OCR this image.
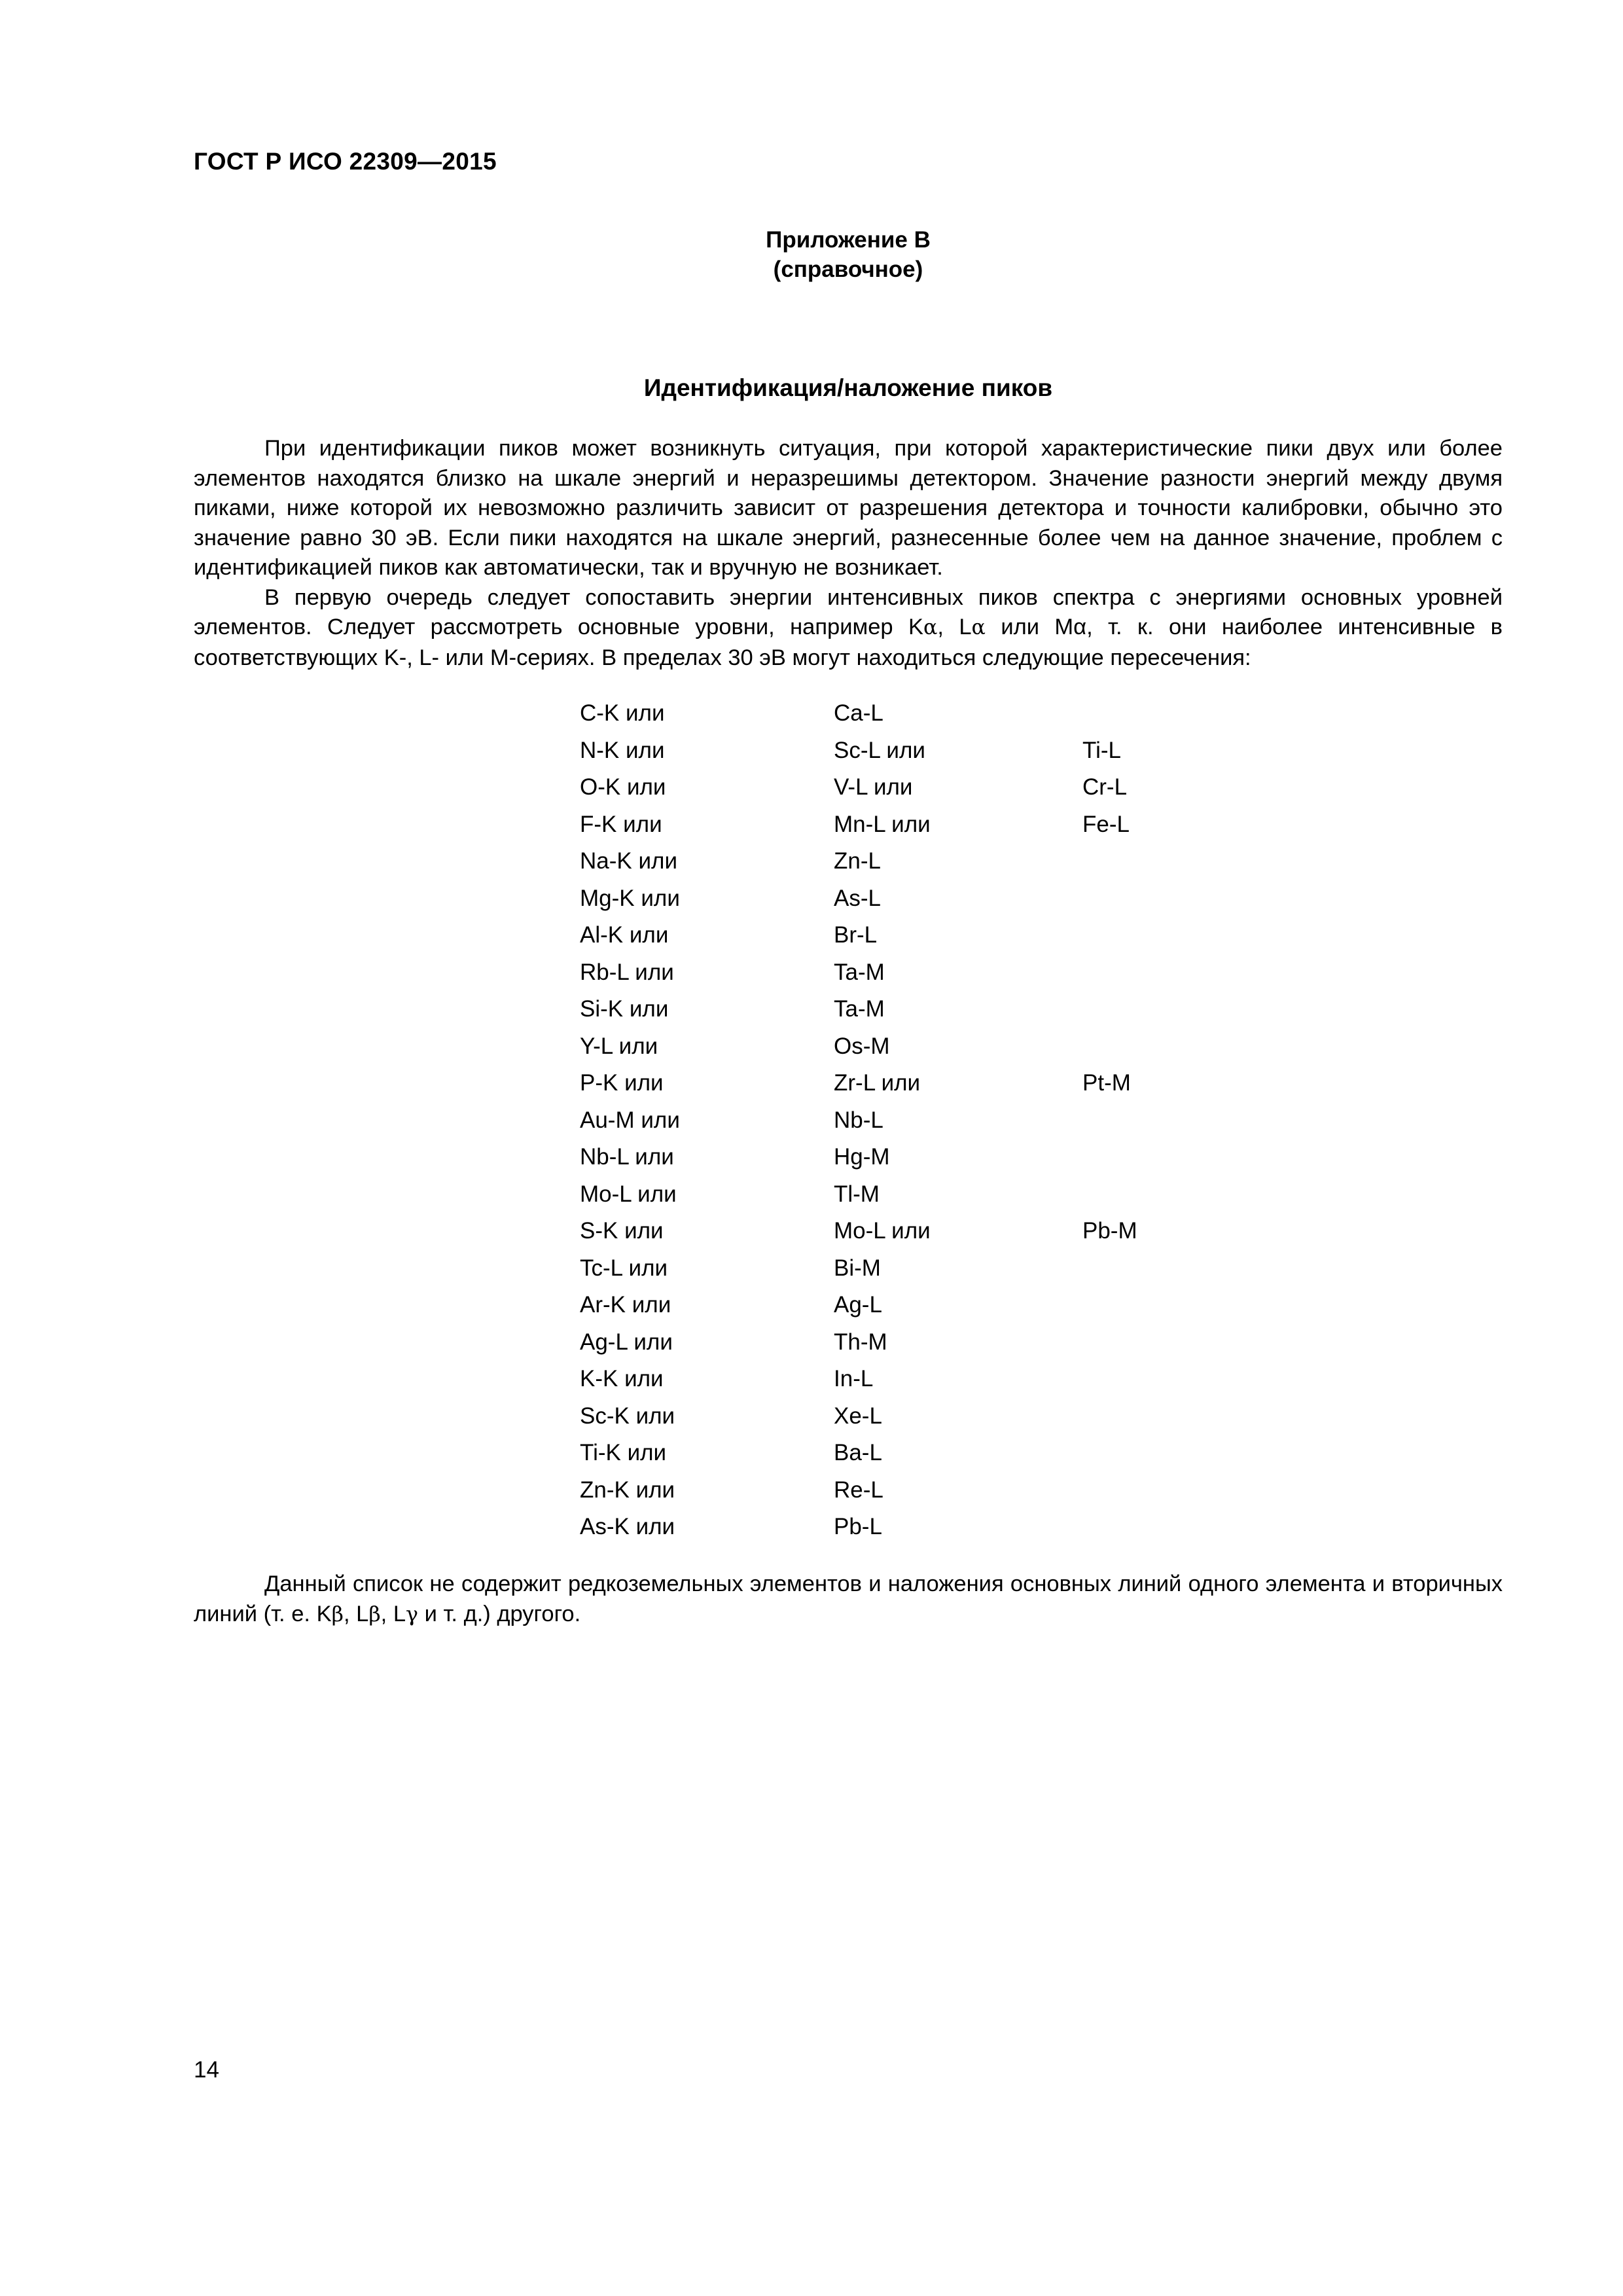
ГОСТ Р ИСО 22309—2015
Приложение В
(справочное)
Идентификация/наложение пиков

При идентификации пиков может возникнуть ситуация, при которой характеристические пики двух или более элементов находятся близко на шкале энергий и неразрешимы детектором. Значение разности энергий между двумя пиками, ниже которой их невозможно различить зависит от разрешения детектора и точности калибровки, обычно это значение равно 30 эВ. Если пики находятся на шкале энергий, разнесенные более чем на данное значение, проблем с идентификацией пиков как автоматически, так и вручную не возникает.

В первую очередь следует сопоставить энергии интенсивных пиков спектра с энергиями основных уровней элементов. Следует рассмотреть основные уровни, например Kα, Lα или Mα, т. к. они наиболее интенсивные в соответствующих K-, L- или M-сериях. В пределах 30 эВ могут находиться следующие пересечения:

C-K или	Ca-L	
N-K или	Sc-L или	Ti-L
O-K или	V-L или	Cr-L
F-K или	Mn-L или	Fe-L
Na-K или	Zn-L	
Mg-K или	As-L	
Al-K или	Br-L	
Rb-L или	Ta-M	
Si-K или	Ta-M	
Y-L или	Os-M	
P-K или	Zr-L или	Pt-M
Au-M или	Nb-L	
Nb-L или	Hg-M	
Mo-L или	Tl-M	
S-K или	Mo-L или	Pb-M
Tc-L или	Bi-M	
Ar-K или	Ag-L	
Ag-L или	Th-M	
K-K или	In-L	
Sc-K или	Xe-L	
Ti-K или	Ba-L	
Zn-K или	Re-L	
As-K или	Pb-L	

Данный список не содержит редкоземельных элементов и наложения основных линий одного элемента и вторичных линий (т. е. Kβ, Lβ, Lγ и т. д.) другого.

14
